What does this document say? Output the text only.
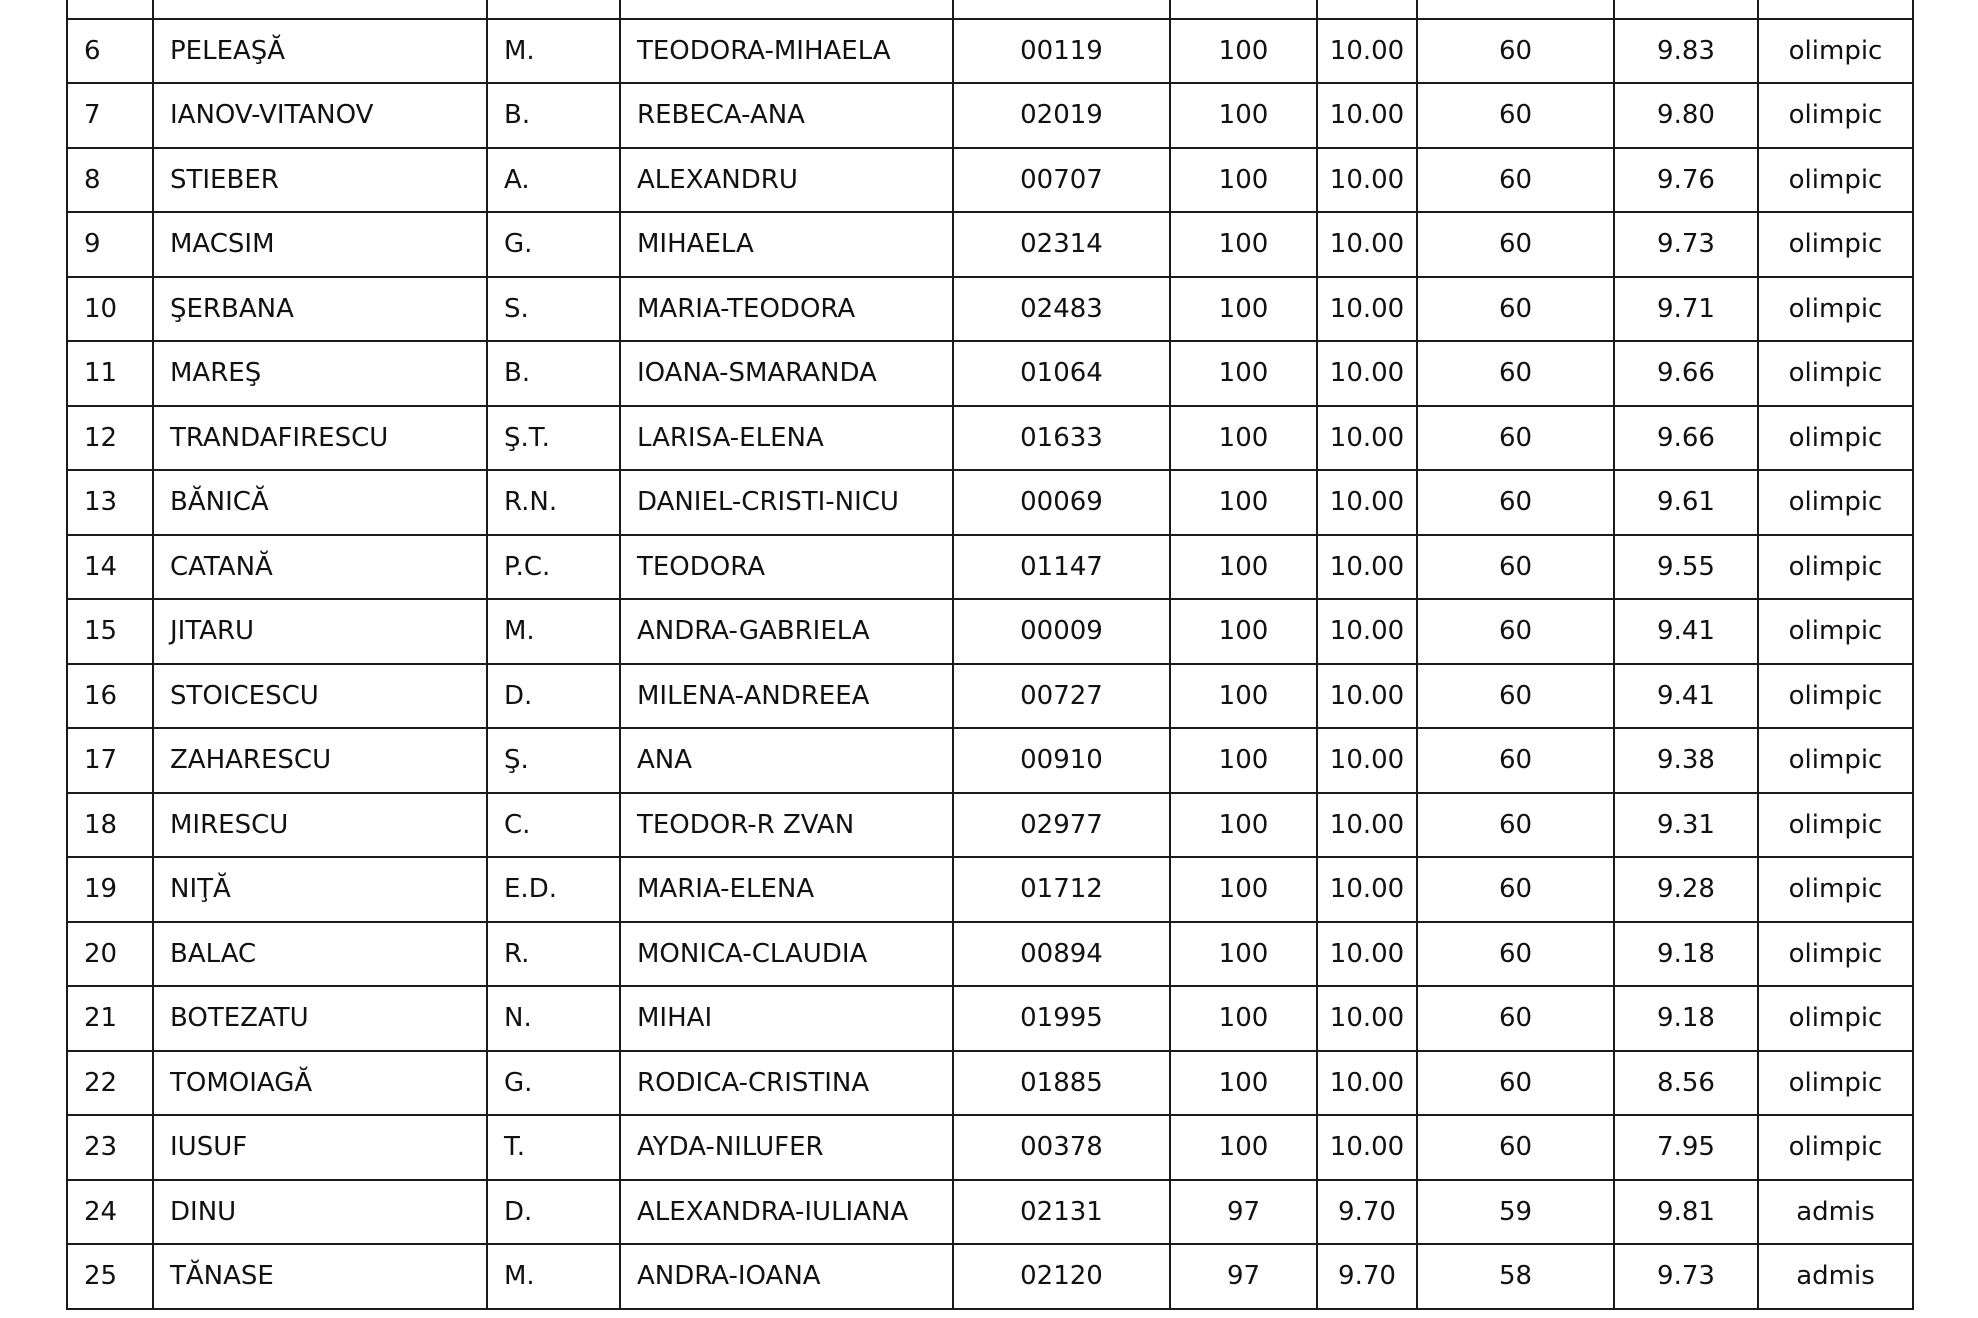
6	PELEAŞĂ	M.	TEODORA-MIHAELA	00119	100	10.00	60	9.83	olimpic
7	IANOV-VITANOV	B.	REBECA-ANA	02019	100	10.00	60	9.80	olimpic
8	STIEBER	A.	ALEXANDRU	00707	100	10.00	60	9.76	olimpic
9	MACSIM	G.	MIHAELA	02314	100	10.00	60	9.73	olimpic
10	ŞERBANA	S.	MARIA-TEODORA	02483	100	10.00	60	9.71	olimpic
11	MAREŞ	B.	IOANA-SMARANDA	01064	100	10.00	60	9.66	olimpic
12	TRANDAFIRESCU	Ş.T.	LARISA-ELENA	01633	100	10.00	60	9.66	olimpic
13	BĂNICĂ	R.N.	DANIEL-CRISTI-NICU	00069	100	10.00	60	9.61	olimpic
14	CATANĂ	P.C.	TEODORA	01147	100	10.00	60	9.55	olimpic
15	JITARU	M.	ANDRA-GABRIELA	00009	100	10.00	60	9.41	olimpic
16	STOICESCU	D.	MILENA-ANDREEA	00727	100	10.00	60	9.41	olimpic
17	ZAHARESCU	Ş.	ANA	00910	100	10.00	60	9.38	olimpic
18	MIRESCU	C.	TEODOR-R ZVAN	02977	100	10.00	60	9.31	olimpic
19	NIŢĂ	E.D.	MARIA-ELENA	01712	100	10.00	60	9.28	olimpic
20	BALAC	R.	MONICA-CLAUDIA	00894	100	10.00	60	9.18	olimpic
21	BOTEZATU	N.	MIHAI	01995	100	10.00	60	9.18	olimpic
22	TOMOIAGĂ	G.	RODICA-CRISTINA	01885	100	10.00	60	8.56	olimpic
23	IUSUF	T.	AYDA-NILUFER	00378	100	10.00	60	7.95	olimpic
24	DINU	D.	ALEXANDRA-IULIANA	02131	97	9.70	59	9.81	admis
25	TĂNASE	M.	ANDRA-IOANA	02120	97	9.70	58	9.73	admis
